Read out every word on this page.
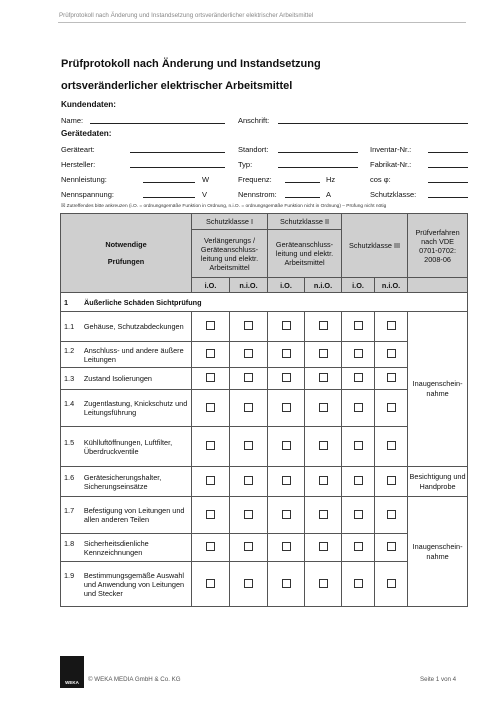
Prüfprotokoll nach Änderung und Instandsetzung ortsveränderlicher elektrischer Arbeitsmittel
Prüfprotokoll nach Änderung und Instandsetzung
ortsveränderlicher elektrischer Arbeitsmittel
Kundendaten:
Name:	Anschrift:
Gerätedaten:
Geräteart:	Standort:	Inventar-Nr.:
Hersteller:	Typ:	Fabrikat-Nr.:
Nennleistung:	W	Frequenz:	Hz	cos φ:
Nennspannung:	V	Nennstrom:	A	Schutzklasse:
☒ Zutreffendes bitte ankreuzen (i.O. = ordnungsgemäße Funktion in Ordnung, n.i.O. = ordnungsgemäße Funktion nicht in Ordnung) – Prüfung nicht nötig
Notwendige
Prüfungen	Schutzklasse I		Schutzklasse II		Schutzklasse III		Prüfverfahren nach VDE 0701-0702: 2008-06
	Verlängerungs / Geräteanschluss-leitung und elektr. Arbeitsmittel		Geräteanschluss-leitung und elektr. Arbeitsmittel				
	i.O.	n.i.O.	i.O.	n.i.O.	i.O.	n.i.O.	
1 Äußerliche Schäden Sichtprüfung							

1.1 Gehäuse, Schutzabdeckungen							Inaugenschein-nahme

1.2 Anschluss- und andere äußere Leitungen							

1.3 Zustand Isolierungen							

1.4 Zugentlastung, Knickschutz und Leitungsführung							

1.5 Kühlluftöffnungen, Luftfilter, Überdruckventile							

1.6 Gerätesicherungshalter, Sicherungseinsätze							Besichtigung und Handprobe

1.7 Befestigung von Leitungen und allen anderen Teilen							Inaugenschein-nahme

1.8 Sicherheitsdienliche Kennzeichnungen							

1.9 Bestimmungsgemäße Auswahl und Anwendung von Leitungen und Stecker							

WEKA	© WEKA MEDIA GmbH & Co. KG	Seite 1 von 4
